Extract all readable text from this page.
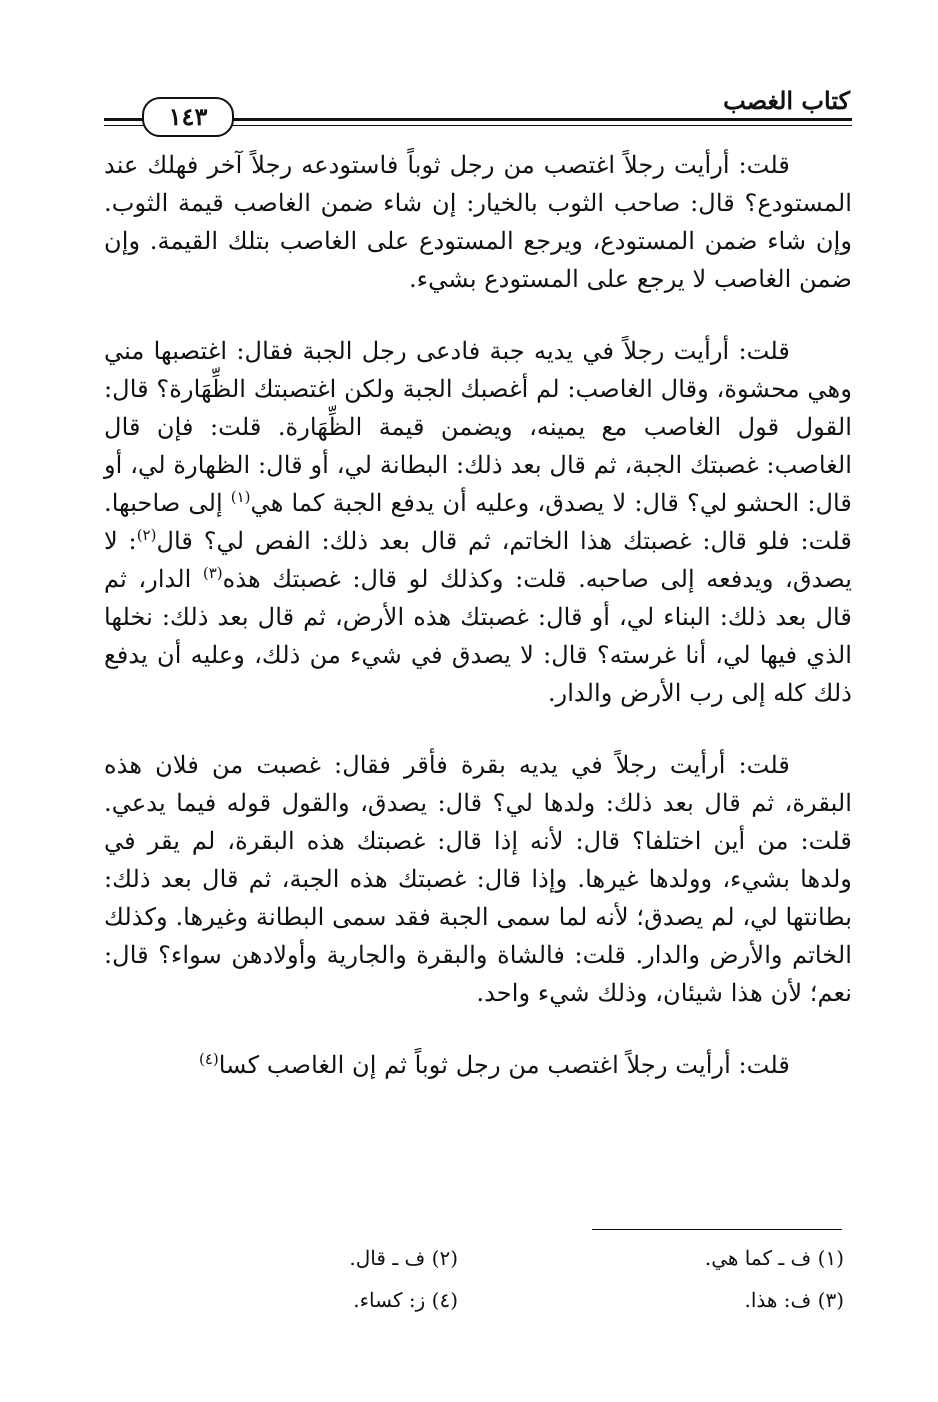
كتاب الغصب
١٤٣

قلت: أرأيت رجلاً اغتصب من رجل ثوباً فاستودعه رجلاً آخر فهلك عند المستودع؟ قال: صاحب الثوب بالخيار: إن شاء ضمن الغاصب قيمة الثوب. وإن شاء ضمن المستودع، ويرجع المستودع على الغاصب بتلك القيمة. وإن ضمن الغاصب لا يرجع على المستودع بشيء.

قلت: أرأيت رجلاً في يديه جبة فادعى رجل الجبة فقال: اغتصبها مني وهي محشوة، وقال الغاصب: لم أغصبك الجبة ولكن اغتصبتك الظِّهَارة؟ قال: القول قول الغاصب مع يمينه، ويضمن قيمة الظِّهَارة. قلت: فإن قال الغاصب: غصبتك الجبة، ثم قال بعد ذلك: البطانة لي، أو قال: الظهارة لي، أو قال: الحشو لي؟ قال: لا يصدق، وعليه أن يدفع الجبة كما هي$^{(١)}$ إلى صاحبها. قلت: فلو قال: غصبتك هذا الخاتم، ثم قال بعد ذلك: الفص لي؟ قال$^{(٢)}$: لا يصدق، ويدفعه إلى صاحبه. قلت: وكذلك لو قال: غصبتك هذه$^{(٣)}$ الدار، ثم قال بعد ذلك: البناء لي، أو قال: غصبتك هذه الأرض، ثم قال بعد ذلك: نخلها الذي فيها لي، أنا غرسته؟ قال: لا يصدق في شيء من ذلك، وعليه أن يدفع ذلك كله إلى رب الأرض والدار.

قلت: أرأيت رجلاً في يديه بقرة فأقر فقال: غصبت من فلان هذه البقرة، ثم قال بعد ذلك: ولدها لي؟ قال: يصدق، والقول قوله فيما يدعي. قلت: من أين اختلفا؟ قال: لأنه إذا قال: غصبتك هذه البقرة، لم يقر في ولدها بشيء، وولدها غيرها. وإذا قال: غصبتك هذه الجبة، ثم قال بعد ذلك: بطانتها لي، لم يصدق؛ لأنه لما سمى الجبة فقد سمى البطانة وغيرها. وكذلك الخاتم والأرض والدار. قلت: فالشاة والبقرة والجارية وأولادهن سواء؟ قال: نعم؛ لأن هذا شيئان، وذلك شيء واحد.

قلت: أرأيت رجلاً اغتصب من رجل ثوباً ثم إن الغاصب كسا$^{(٤)}$

(١) ف ـ كما هي.
(٢) ف ـ قال.
(٣) ف: هذا.
(٤) ز: كساء.
